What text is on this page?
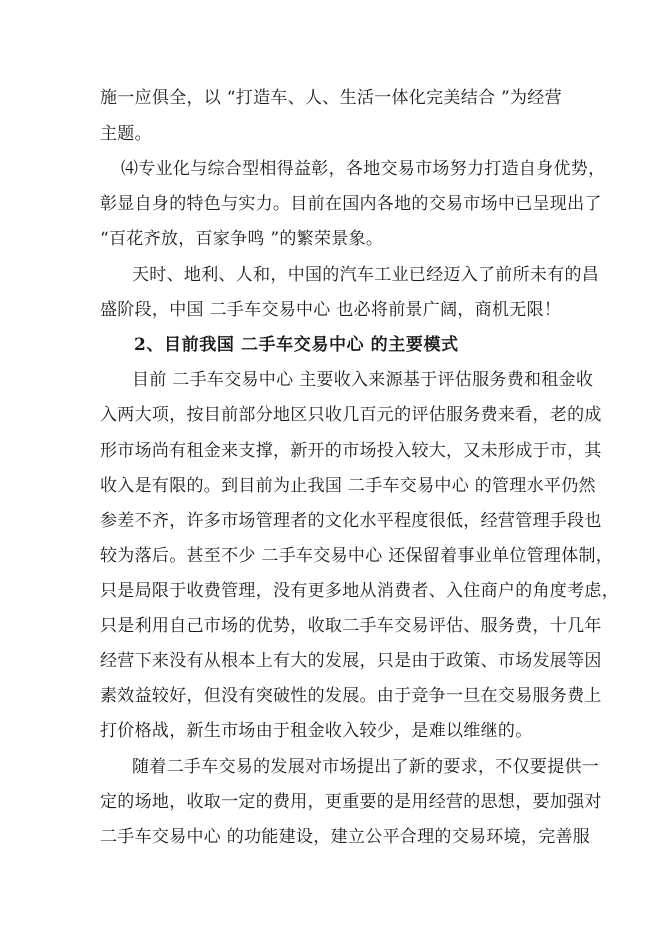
施一应俱全，以 “打造车、人、生活一体化完美结合 ”为经营

主题。

⑷专业化与综合型相得益彰，各地交易市场努力打造自身优势，

彰显自身的特色与实力。目前在国内各地的交易市场中已呈现出了

“百花齐放，百家争鸣 ”的繁荣景象。

天时、地利、人和，中国的汽车工业已经迈入了前所未有的昌

盛阶段，中国 二手车交易中心 也必将前景广阔，商机无限！

2、目前我国 二手车交易中心 的主要模式

目前 二手车交易中心 主要收入来源基于评估服务费和租金收

入两大项，按目前部分地区只收几百元的评估服务费来看，老的成

形市场尚有租金来支撑，新开的市场投入较大，又未形成于市，其

收入是有限的。到目前为止我国 二手车交易中心 的管理水平仍然

参差不齐，许多市场管理者的文化水平程度很低，经营管理手段也

较为落后。甚至不少 二手车交易中心 还保留着事业单位管理体制，

只是局限于收费管理，没有更多地从消费者、入住商户的角度考虑，

只是利用自己市场的优势，收取二手车交易评估、服务费，十几年

经营下来没有从根本上有大的发展，只是由于政策、市场发展等因

素效益较好，但没有突破性的发展。由于竞争一旦在交易服务费上

打价格战，新生市场由于租金收入较少，是难以维继的。

随着二手车交易的发展对市场提出了新的要求，不仅要提供一

定的场地，收取一定的费用，更重要的是用经营的思想，要加强对

二手车交易中心 的功能建设，建立公平合理的交易环境，完善服
